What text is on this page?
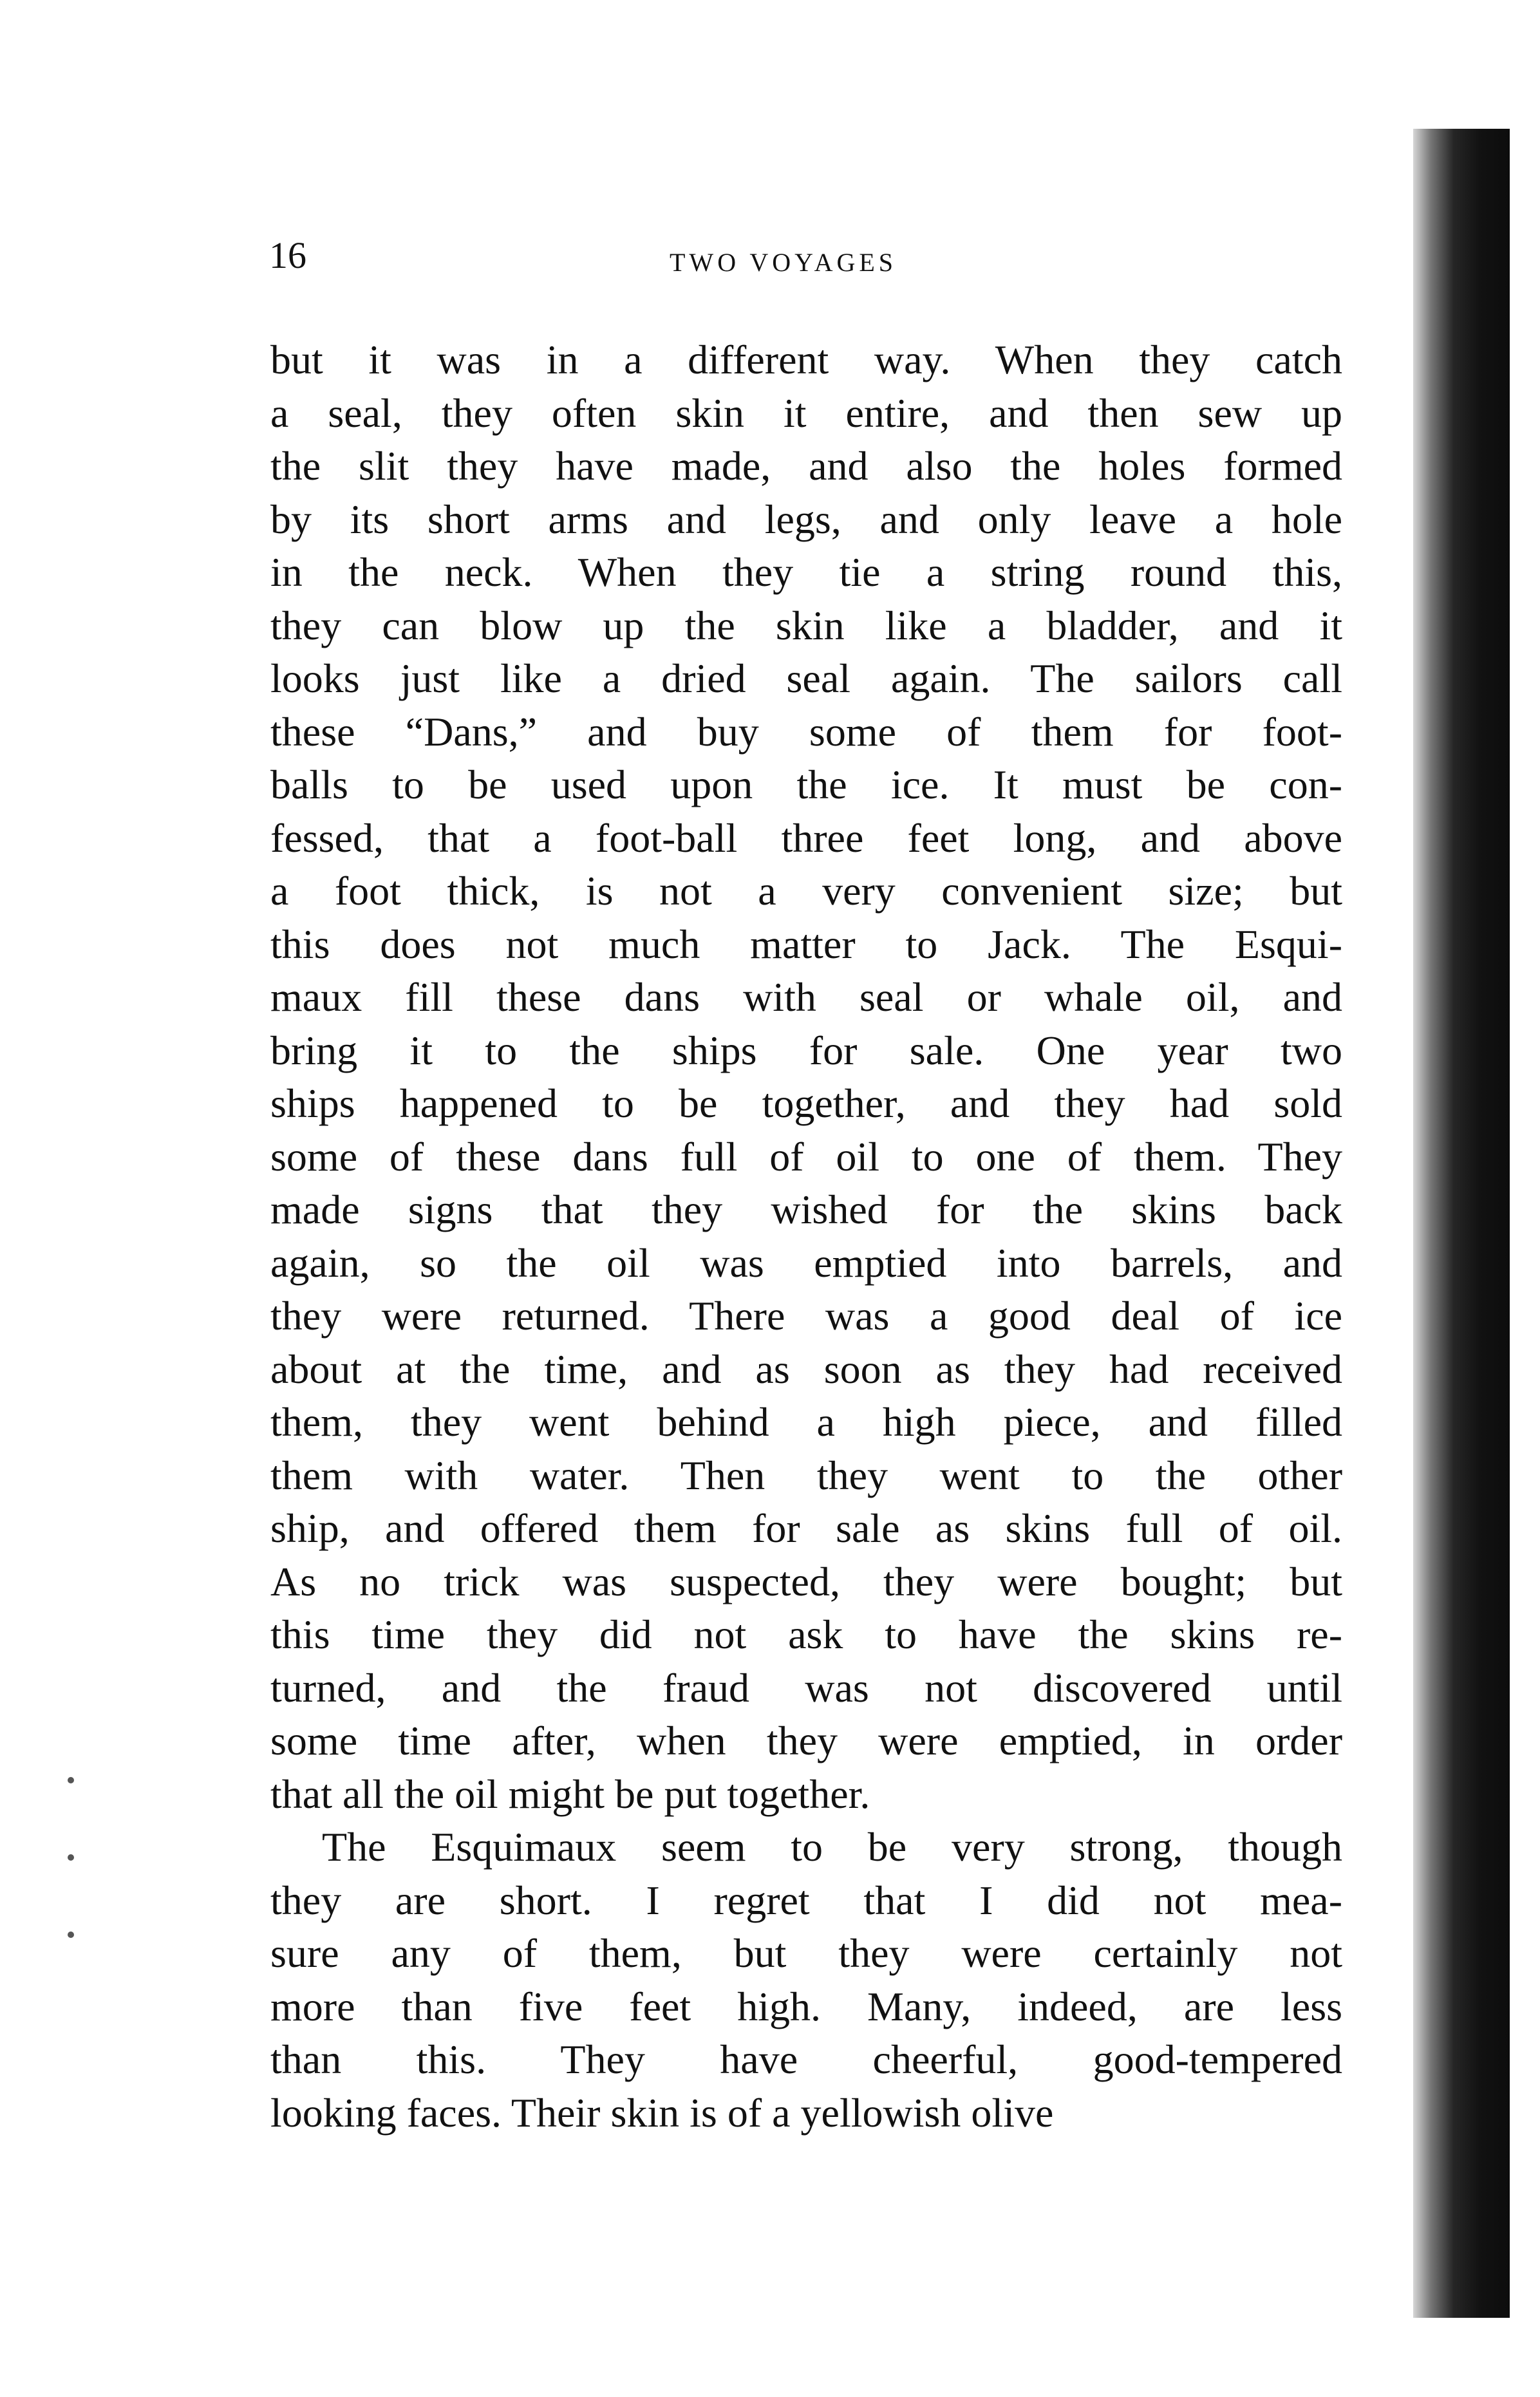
16	TWO VOYAGES
but it was in a different way. When they catch
a seal, they often skin it entire, and then sew up
the slit they have made, and also the holes formed
by its short arms and legs, and only leave a hole
in the neck. When they tie a string round this,
they can blow up the skin like a bladder, and it
looks just like a dried seal again. The sailors call
these “Dans,” and buy some of them for foot-
balls to be used upon the ice. It must be con-
fessed, that a foot-ball three feet long, and above
a foot thick, is not a very convenient size; but
this does not much matter to Jack. The Esqui-
maux fill these dans with seal or whale oil, and
bring it to the ships for sale. One year two
ships happened to be together, and they had sold
some of these dans full of oil to one of them. They
made signs that they wished for the skins back
again, so the oil was emptied into barrels, and
they were returned. There was a good deal of ice
about at the time, and as soon as they had received
them, they went behind a high piece, and filled
them with water. Then they went to the other
ship, and offered them for sale as skins full of oil.
As no trick was suspected, they were bought; but
this time they did not ask to have the skins re-
turned, and the fraud was not discovered until
some time after, when they were emptied, in order
that all the oil might be put together.
The Esquimaux seem to be very strong, though
they are short. I regret that I did not mea-
sure any of them, but they were certainly not
more than five feet high. Many, indeed, are less
than this. They have cheerful, good-tempered
looking faces. Their skin is of a yellowish olive
